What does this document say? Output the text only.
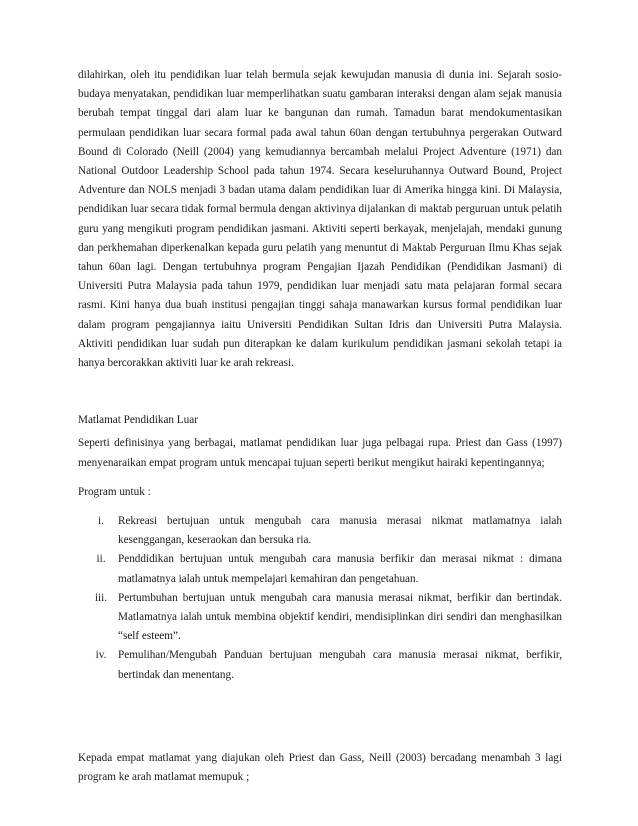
dilahirkan, oleh itu pendidikan luar telah bermula sejak kewujudan manusia di dunia ini. Sejarah sosio-budaya menyatakan, pendidikan luar memperlihatkan suatu gambaran interaksi dengan alam sejak manusia berubah tempat tinggal dari alam luar ke bangunan dan rumah. Tamadun barat mendokumentasikan permulaan pendidikan luar secara formal pada awal tahun 60an dengan tertubuhnya pergerakan Outward Bound di Colorado (Neill (2004) yang kemudiannya bercambah melalui Project Adventure (1971) dan National Outdoor Leadership School pada tahun 1974. Secara keseluruhannya Outward Bound, Project Adventure dan NOLS menjadi 3 badan utama dalam pendidikan luar di Amerika hingga kini. Di Malaysia, pendidikan luar secara tidak formal bermula dengan aktivinya dijalankan di maktab perguruan untuk pelatih guru yang mengikuti program pendidikan jasmani. Aktiviti seperti berkayak, menjelajah, mendaki gunung dan perkhemahan diperkenalkan kepada guru pelatih yang menuntut di Maktab Perguruan Ilmu Khas sejak tahun 60an lagi. Dengan tertubuhnya program Pengajian Ijazah Pendidikan (Pendidikan Jasmani) di Universiti Putra Malaysia pada tahun 1979, pendidikan luar menjadi satu mata pelajaran formal secara rasmi. Kini hanya dua buah institusi pengajian tinggi sahaja manawarkan kursus formal pendidikan luar dalam program pengajiannya iaitu Universiti Pendidikan Sultan Idris dan Universiti Putra Malaysia. Aktiviti pendidikan luar sudah pun diterapkan ke dalam kurikulum pendidikan jasmani sekolah tetapi ia hanya bercorakkan aktiviti luar ke arah rekreasi.

Matlamat Pendidikan Luar

Seperti definisinya yang berbagai, matlamat pendidikan luar juga pelbagai rupa. Priest dan Gass (1997) menyenaraikan empat program untuk mencapai tujuan seperti berikut mengikut hairaki kepentingannya;

Program untuk :

i.	Rekreasi bertujuan untuk mengubah cara manusia merasai nikmat matlamatnya ialah kesenggangan, keseraokan dan bersuka ria.
ii.	Penddidikan bertujuan untuk mengubah cara manusia berfikir dan merasai nikmat : dimana matlamatnya ialah untuk mempelajari kemahiran dan pengetahuan.
iii. Pertumbuhan bertujuan untuk mengubah cara manusia merasai nikmat, berfikir dan bertindak. Matlamatnya ialah untuk membina objektif kendiri, mendisiplinkan diri sendiri dan menghasilkan “self esteem”.
iv.	Pemulihan/Mengubah Panduan bertujuan mengubah cara manusia merasai nikmat, berfikir, bertindak dan menentang.

Kepada empat matlamat yang diajukan oleh Priest dan Gass, Neill (2003) bercadang menambah 3 lagi program ke arah matlamat memupuk ;
